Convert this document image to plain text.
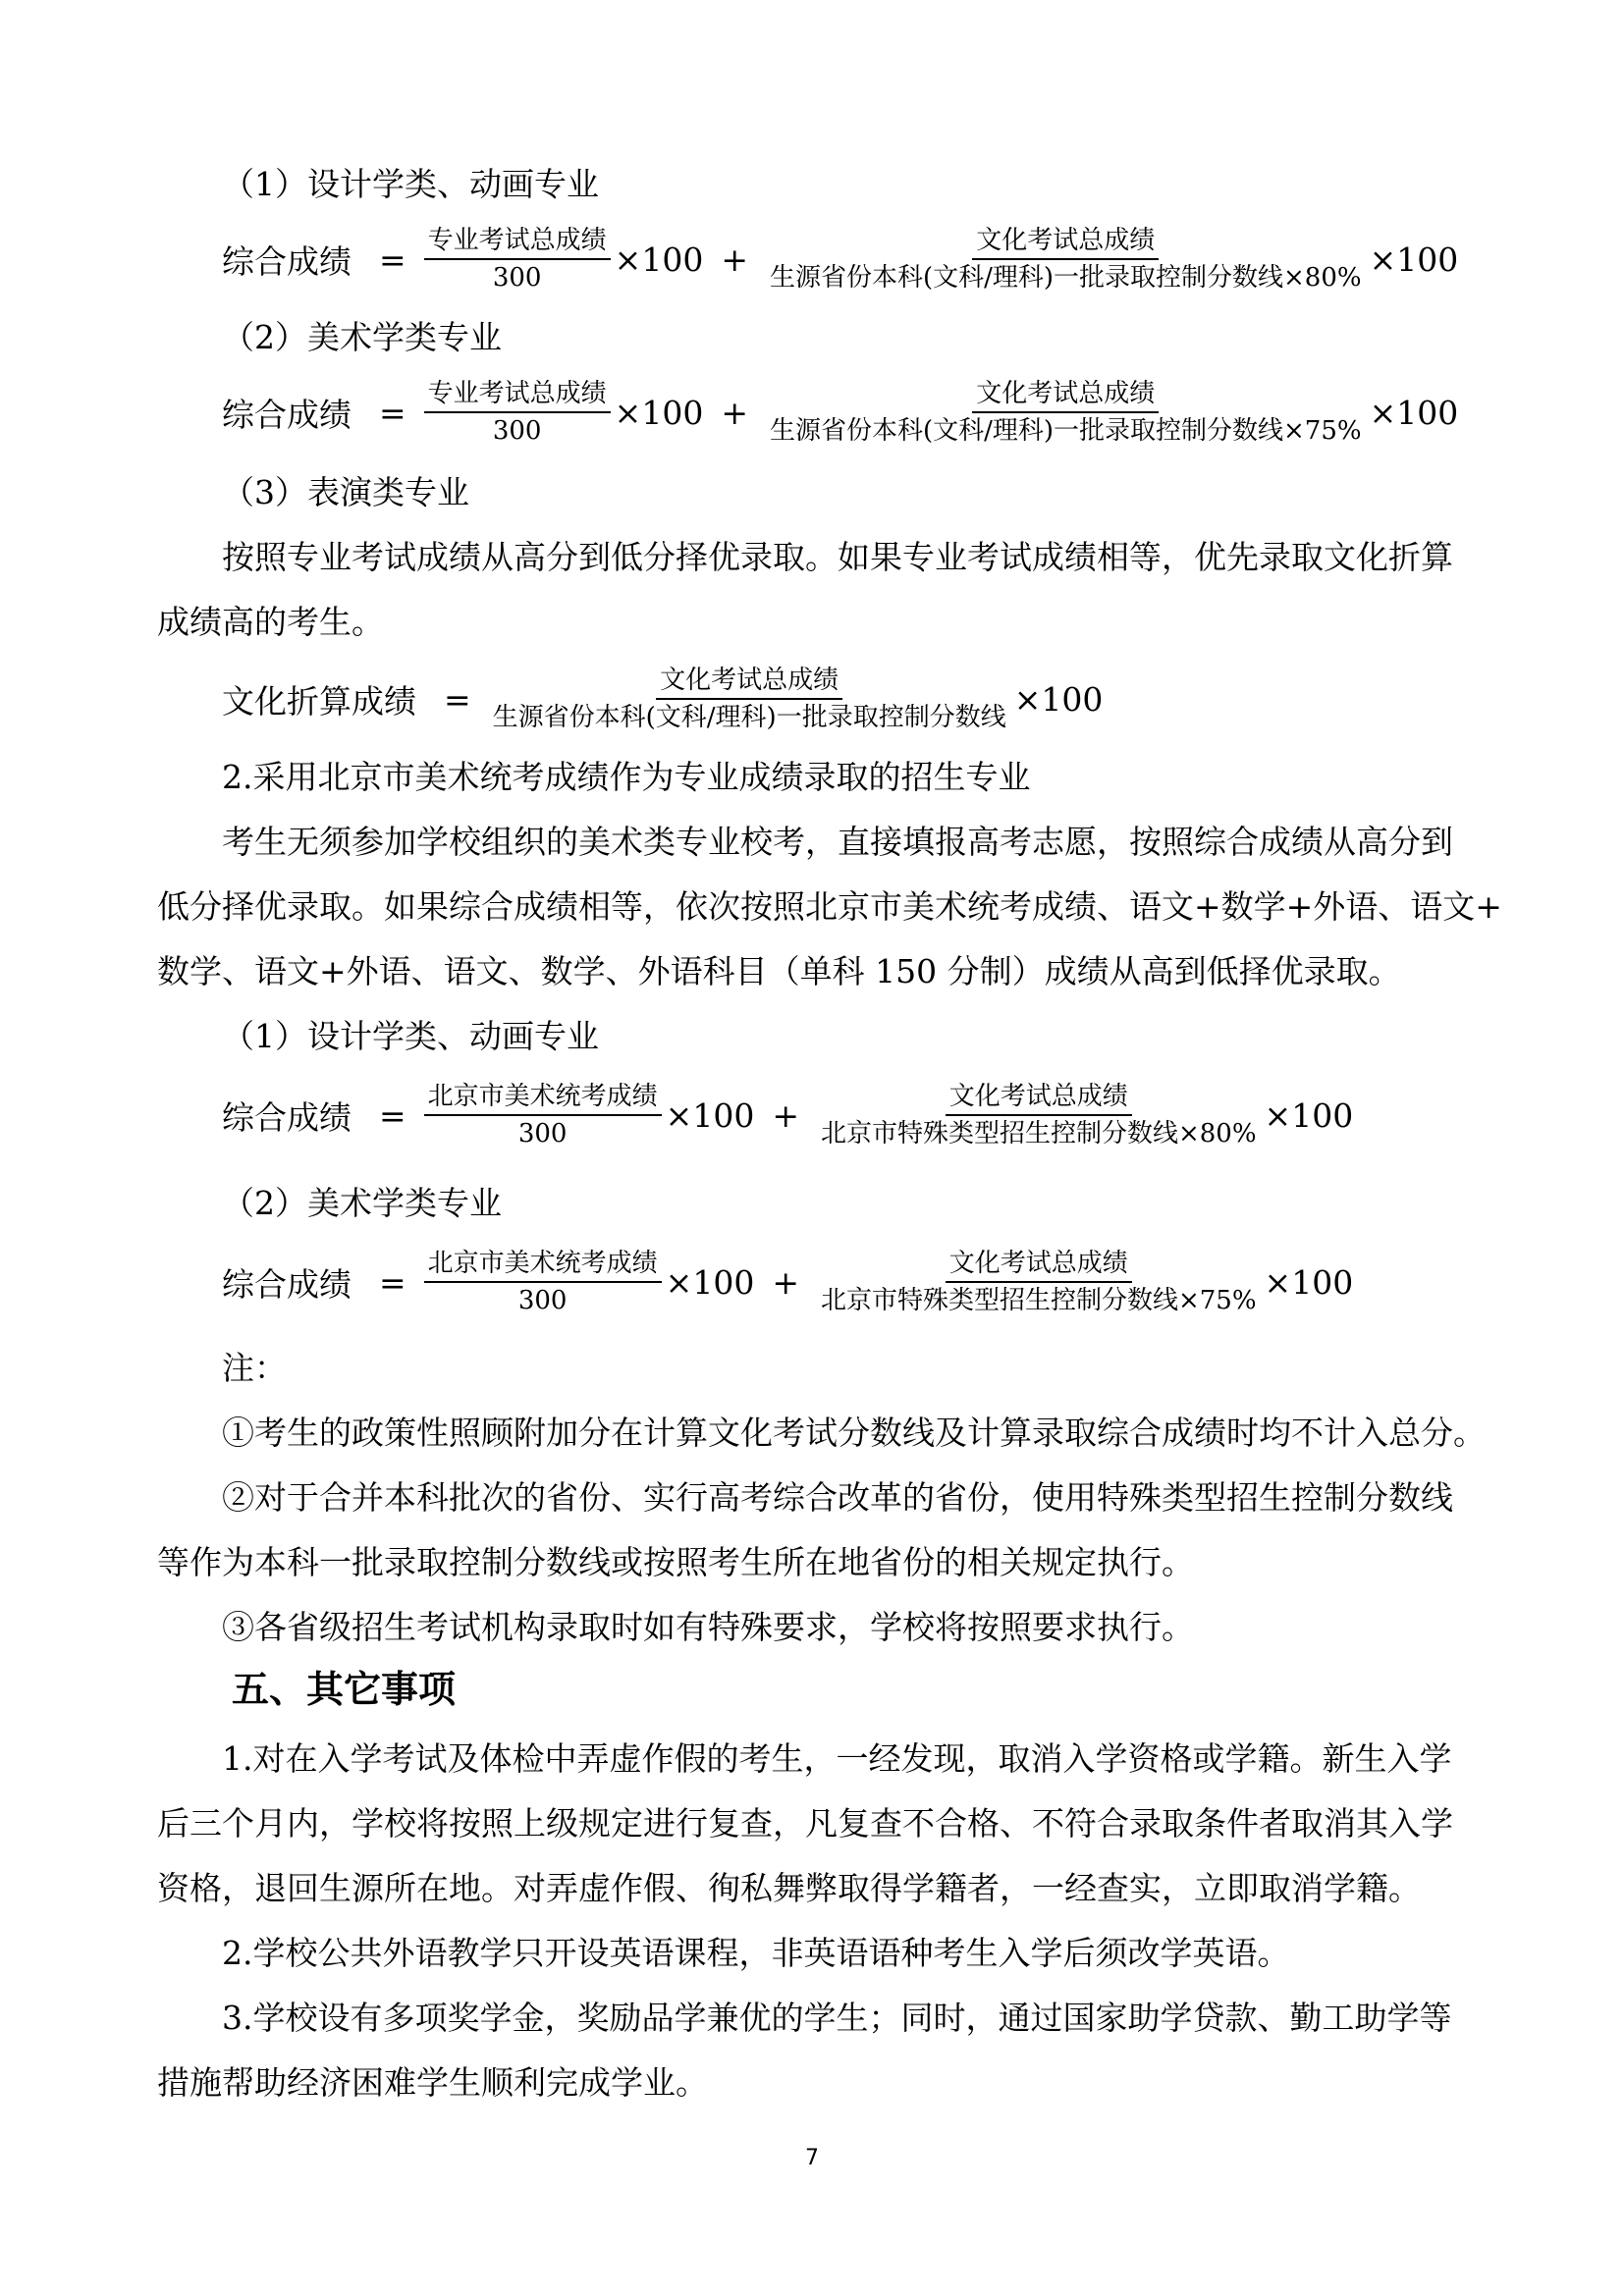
（1）设计学类、动画专业

综合成绩 = $\frac{\text{专业考试总成绩}}{300} \times 100 + \frac{\text{文化考试总成绩}}{\text{生源省份本科(文科/理科)一批录取控制分数线×80\%}} \times 100$

（2）美术学类专业

综合成绩 = $\frac{\text{专业考试总成绩}}{300} \times 100 + \frac{\text{文化考试总成绩}}{\text{生源省份本科(文科/理科)一批录取控制分数线×75\%}} \times 100$

（3）表演类专业

按照专业考试成绩从高分到低分择优录取。如果专业考试成绩相等，优先录取文化折算

成绩高的考生。

文化折算成绩 = $\frac{\text{文化考试总成绩}}{\text{生源省份本科(文科/理科)一批录取控制分数线}} \times 100$

2.采用北京市美术统考成绩作为专业成绩录取的招生专业

考生无须参加学校组织的美术类专业校考，直接填报高考志愿，按照综合成绩从高分到

低分择优录取。如果综合成绩相等，依次按照北京市美术统考成绩、语文+数学+外语、语文+

数学、语文+外语、语文、数学、外语科目（单科 150 分制）成绩从高到低择优录取。

（1）设计学类、动画专业

综合成绩 = $\frac{\text{北京市美术统考成绩}}{300} \times 100 + \frac{\text{文化考试总成绩}}{\text{北京市特殊类型招生控制分数线×80\%}} \times 100$

（2）美术学类专业

综合成绩 = $\frac{\text{北京市美术统考成绩}}{300} \times 100 + \frac{\text{文化考试总成绩}}{\text{北京市特殊类型招生控制分数线×75\%}} \times 100$

注：

①考生的政策性照顾附加分在计算文化考试分数线及计算录取综合成绩时均不计入总分。

②对于合并本科批次的省份、实行高考综合改革的省份，使用特殊类型招生控制分数线

等作为本科一批录取控制分数线或按照考生所在地省份的相关规定执行。

③各省级招生考试机构录取时如有特殊要求，学校将按照要求执行。

五、其它事项

1.对在入学考试及体检中弄虚作假的考生，一经发现，取消入学资格或学籍。新生入学

后三个月内，学校将按照上级规定进行复查，凡复查不合格、不符合录取条件者取消其入学

资格，退回生源所在地。对弄虚作假、徇私舞弊取得学籍者，一经查实，立即取消学籍。

2.学校公共外语教学只开设英语课程，非英语语种考生入学后须改学英语。

3.学校设有多项奖学金，奖励品学兼优的学生；同时，通过国家助学贷款、勤工助学等

措施帮助经济困难学生顺利完成学业。

7
